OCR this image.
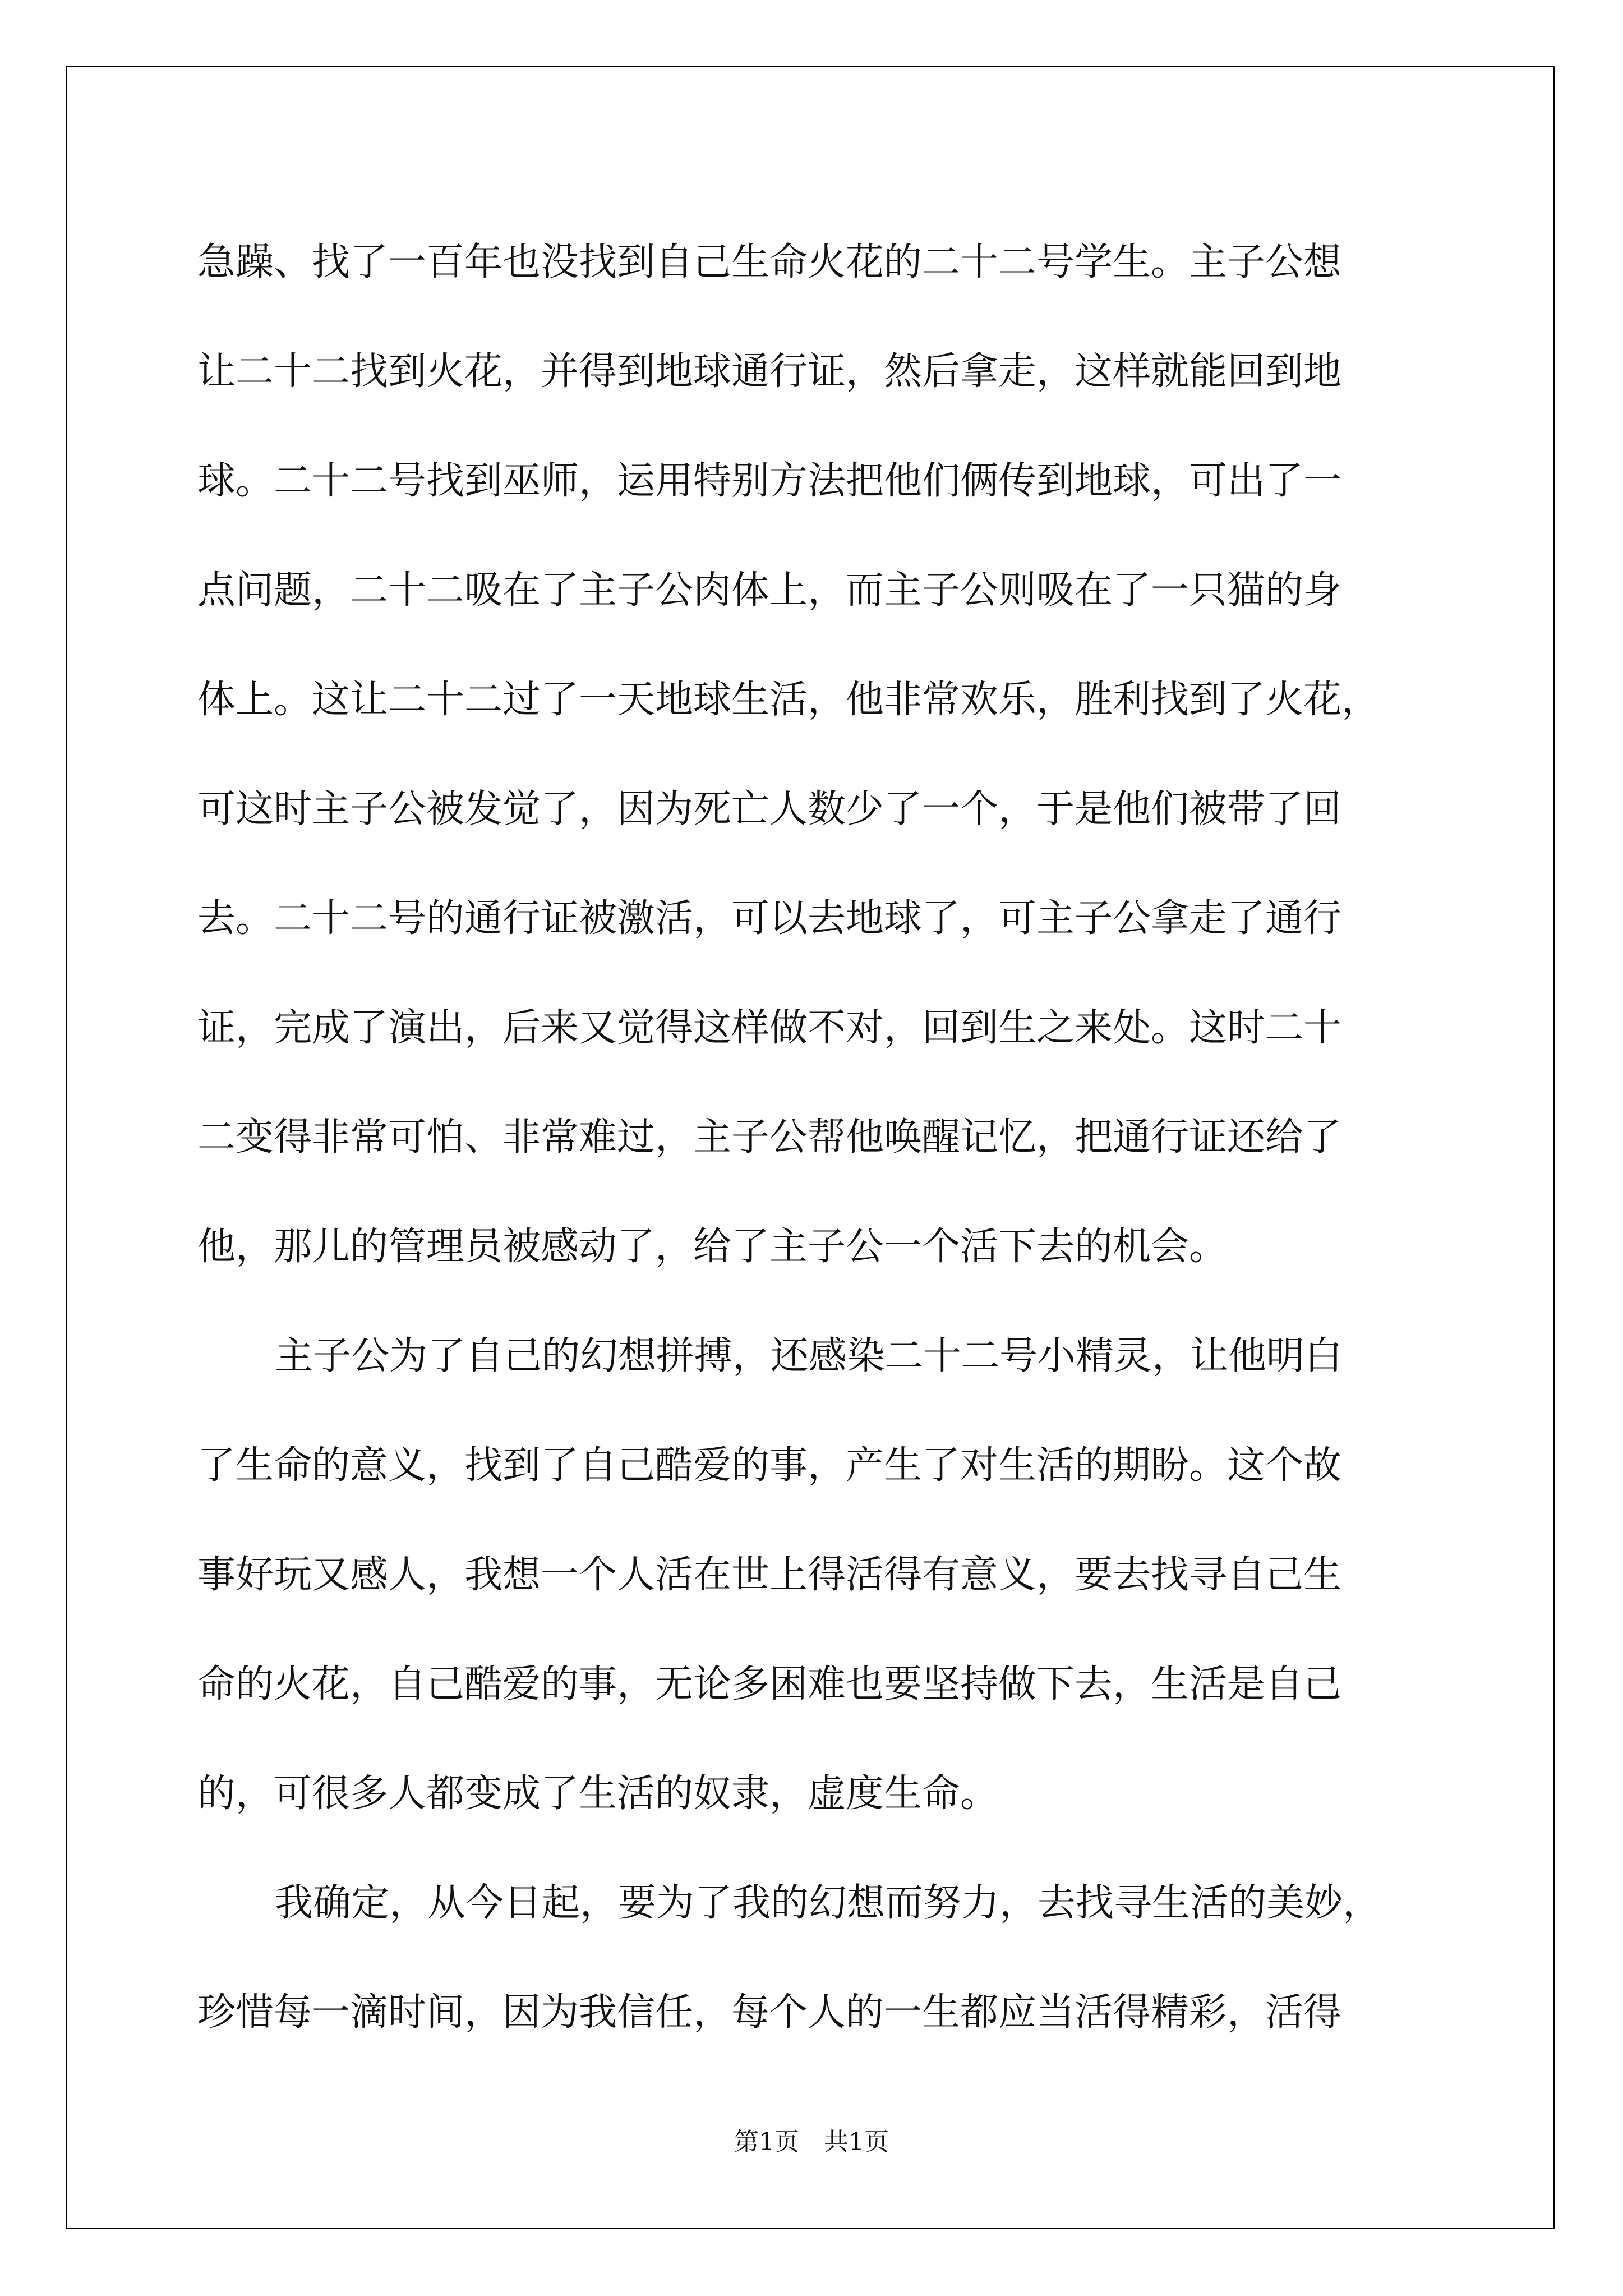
急躁、找了一百年也没找到自己生命火花的二十二号学生。主子公想
让二十二找到火花，并得到地球通行证，然后拿走，这样就能回到地
球。二十二号找到巫师，运用特别方法把他们俩传到地球，可出了一
点问题，二十二吸在了主子公肉体上，而主子公则吸在了一只猫的身
体上。这让二十二过了一天地球生活，他非常欢乐，胜利找到了火花，
可这时主子公被发觉了，因为死亡人数少了一个，于是他们被带了回
去。二十二号的通行证被激活，可以去地球了，可主子公拿走了通行
证，完成了演出，后来又觉得这样做不对，回到生之来处。这时二十
二变得非常可怕、非常难过，主子公帮他唤醒记忆，把通行证还给了
他，那儿的管理员被感动了，给了主子公一个活下去的机会。
主子公为了自己的幻想拼搏，还感染二十二号小精灵，让他明白
了生命的意义，找到了自己酷爱的事，产生了对生活的期盼。这个故
事好玩又感人，我想一个人活在世上得活得有意义，要去找寻自己生
命的火花，自己酷爱的事，无论多困难也要坚持做下去，生活是自己
的，可很多人都变成了生活的奴隶，虚度生命。
我确定，从今日起，要为了我的幻想而努力，去找寻生活的美妙，
珍惜每一滴时间，因为我信任，每个人的一生都应当活得精彩，活得
第1页 共1页
